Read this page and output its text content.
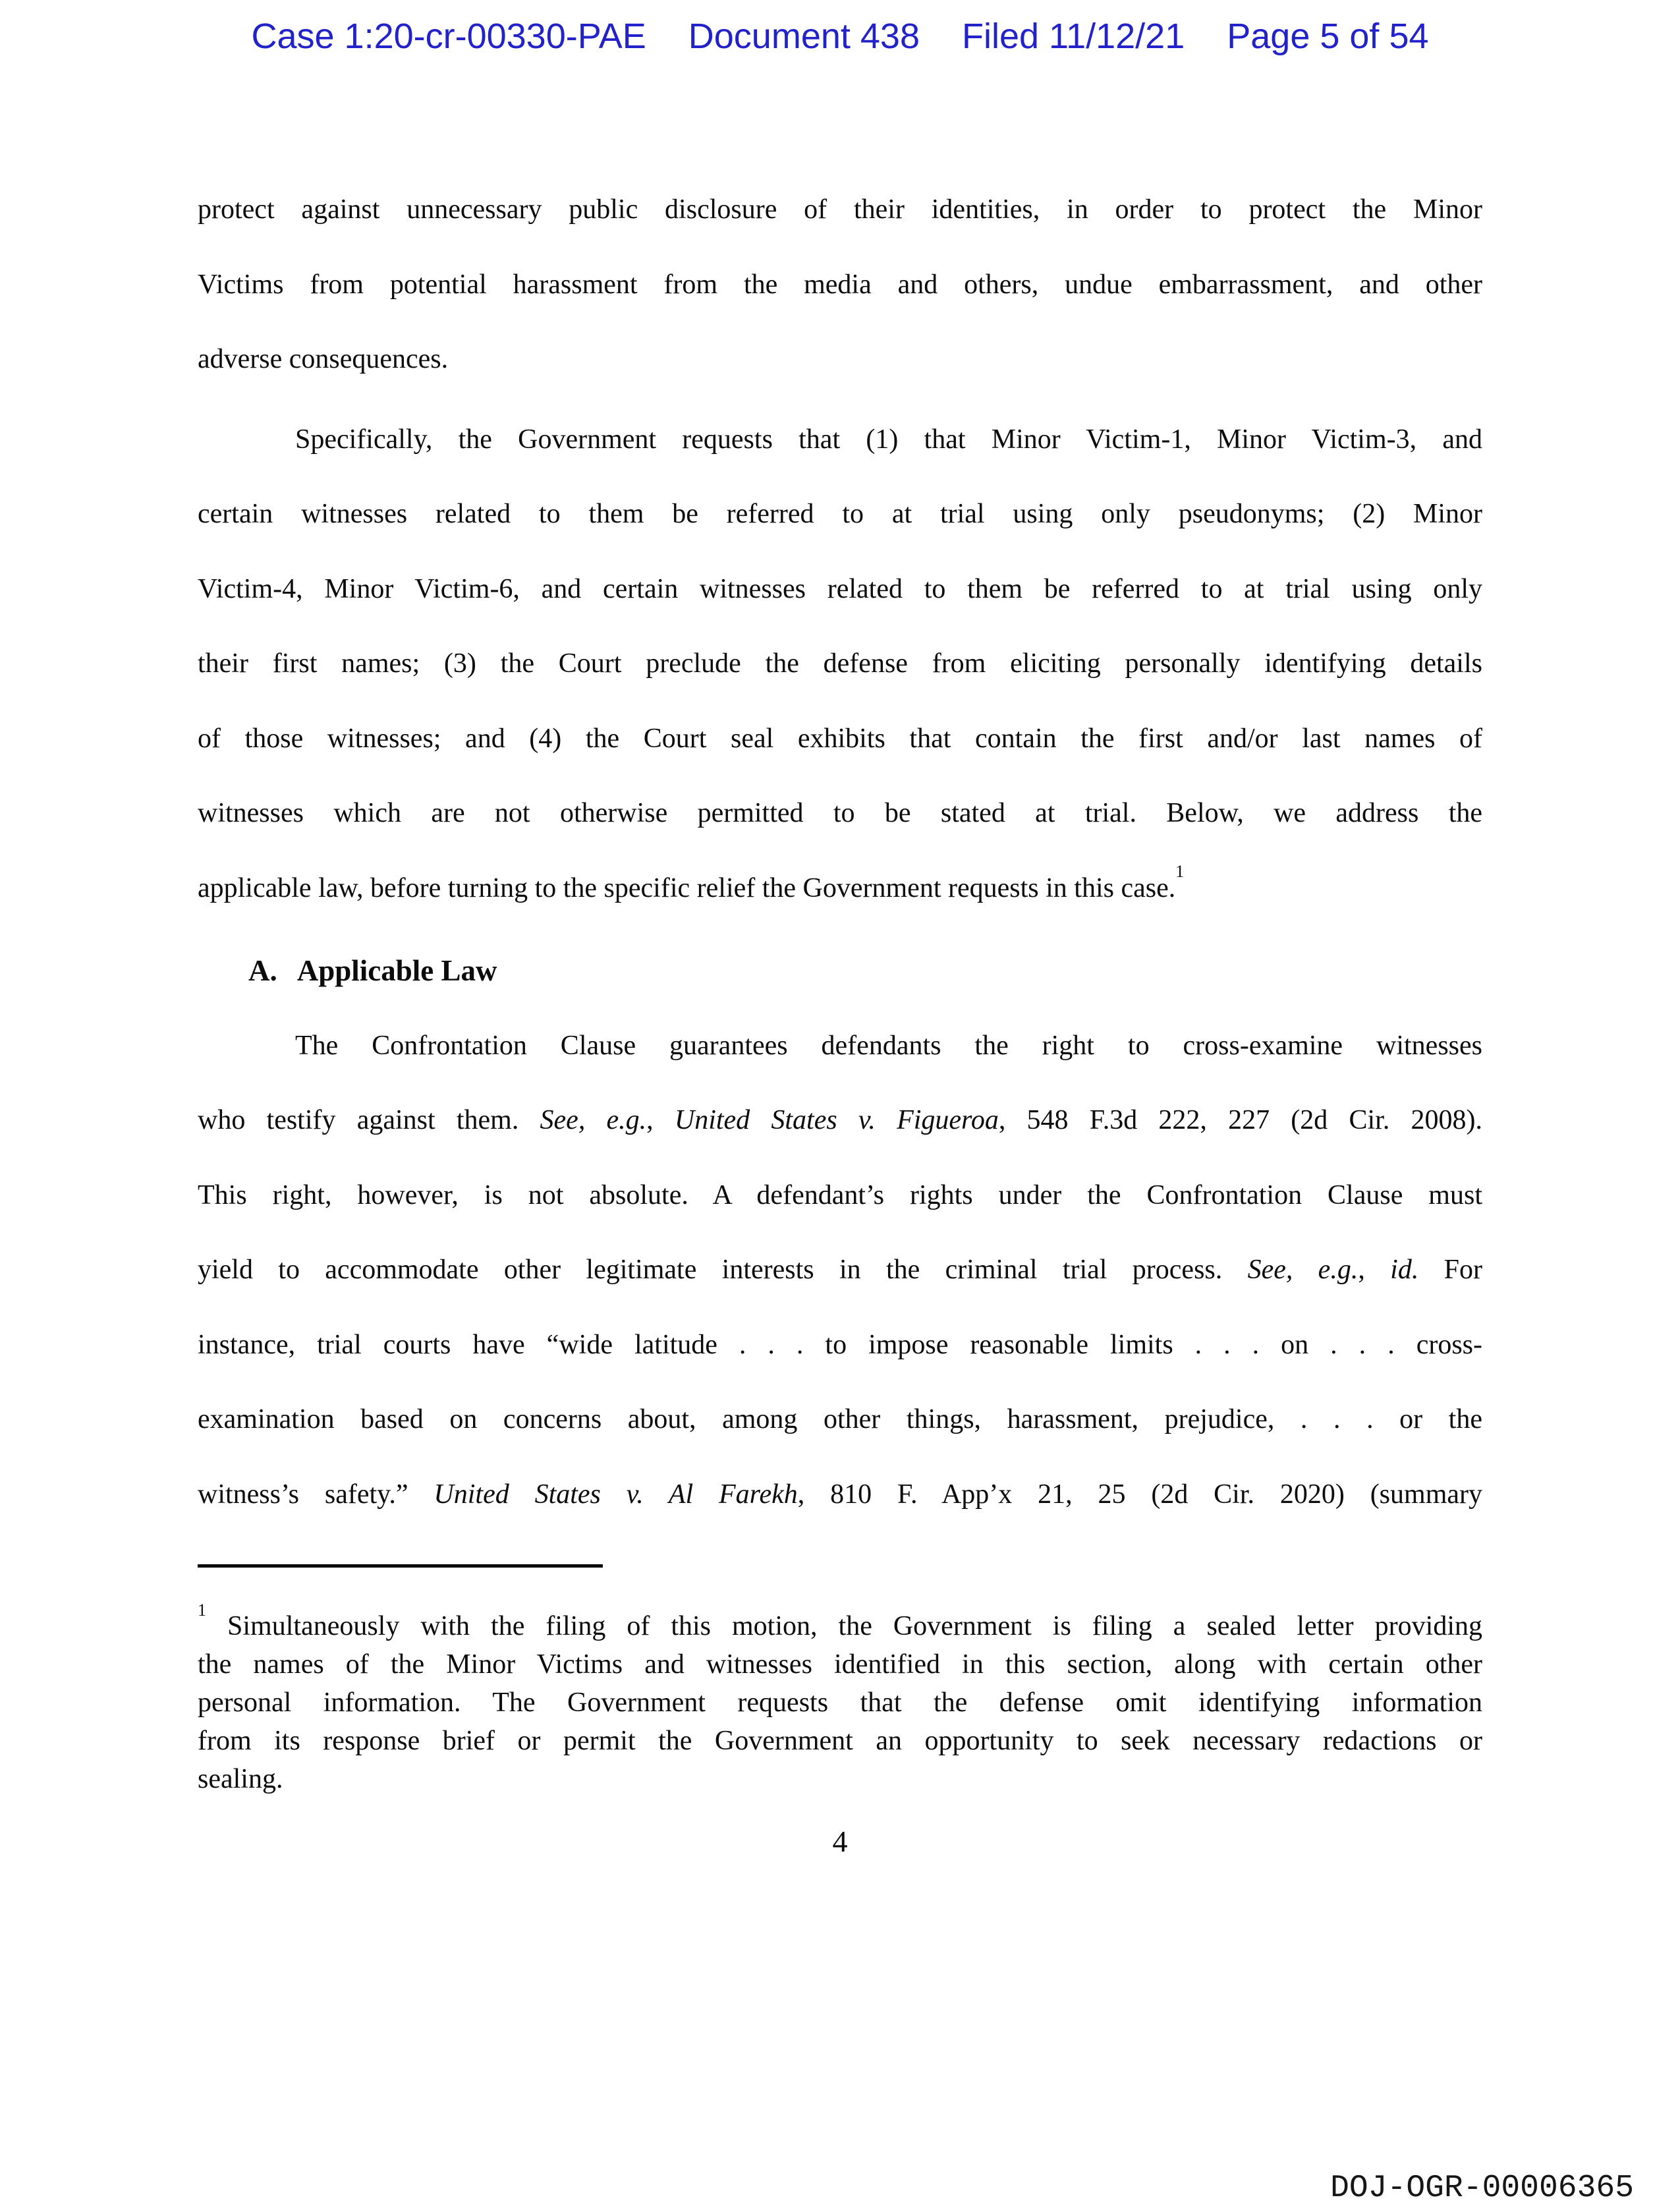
Case 1:20-cr-00330-PAE Document 438 Filed 11/12/21 Page 5 of 54
protect against unnecessary public disclosure of their identities, in order to protect the Minor
Victims from potential harassment from the media and others, undue embarrassment, and other
adverse consequences.
Specifically, the Government requests that (1) that Minor Victim-1, Minor Victim-3, and
certain witnesses related to them be referred to at trial using only pseudonyms; (2) Minor
Victim-4, Minor Victim-6, and certain witnesses related to them be referred to at trial using only
their first names; (3) the Court preclude the defense from eliciting personally identifying details
of those witnesses; and (4) the Court seal exhibits that contain the first and/or last names of
witnesses which are not otherwise permitted to be stated at trial. Below, we address the
applicable law, before turning to the specific relief the Government requests in this case.$^1$
A. Applicable Law
The Confrontation Clause guarantees defendants the right to cross-examine witnesses
who testify against them. See, e.g., United States v. Figueroa, 548 F.3d 222, 227 (2d Cir. 2008).
This right, however, is not absolute. A defendant’s rights under the Confrontation Clause must
yield to accommodate other legitimate interests in the criminal trial process. See, e.g., id. For
instance, trial courts have “wide latitude . . . to impose reasonable limits . . . on . . . cross-
examination based on concerns about, among other things, harassment, prejudice, . . . or the
witness’s safety.” United States v. Al Farekh, 810 F. App’x 21, 25 (2d Cir. 2020) (summary
$^1$ Simultaneously with the filing of this motion, the Government is filing a sealed letter providing
the names of the Minor Victims and witnesses identified in this section, along with certain other
personal information. The Government requests that the defense omit identifying information
from its response brief or permit the Government an opportunity to seek necessary redactions or
sealing.
4
DOJ-OGR-00006365
